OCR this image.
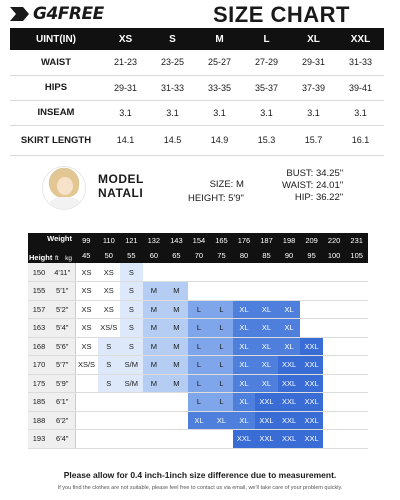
G4FREE	SIZE CHART
UINT(IN)	XS	S	M	L	XL	XXL
WAIST	21-23	23-25	25-27	27-29	29-31	31-33
HIPS	29-31	31-33	33-35	35-37	37-39	39-41
INSEAM	3.1	3.1	3.1	3.1	3.1	3.1
SKIRT LENGTH	14.1	14.5	14.9	15.3	15.7	16.1
MODEL
NATALI
SIZE: M
HEIGHT: 5'9"
BUST: 34.25"
WAIST: 24.01"
HIP: 36.22"
Weight
Height kg
ft		99	110	121	132	143	154	165	176	187	198	209	220	231
		45	50	55	60	65	70	75	80	85	90	95	100	105
150	4'11"	XS	XS	S										
155	5'1"	XS	XS	S	M	M								
157	5'2"	XS	XS	S	M	M	L	L	XL	XL	XL			
163	5'4"	XS	XS/S	S	M	M	L	L	XL	XL	XL			
168	5'6"	XS	S	S	M	M	L	L	XL	XL	XL	XXL		
170	5'7"	XS/S	S	S/M	M	M	L	L	XL	XL	XXL	XXL		
175	5'9"		S	S/M	M	M	L	L	XL	XL	XXL	XXL		
185	6'1"						L	L	XL	XXL	XXL	XXL		
188	6'2"						XL	XL	XL	XXL	XXL	XXL		
193	6'4"								XXL	XXL	XXL	XXL		
Please allow for 0.4 inch-1inch size difference due to measurement.
If you find the clothes are not suitable, please feel free to contact us via email, we'll take care of your problem quickly.
